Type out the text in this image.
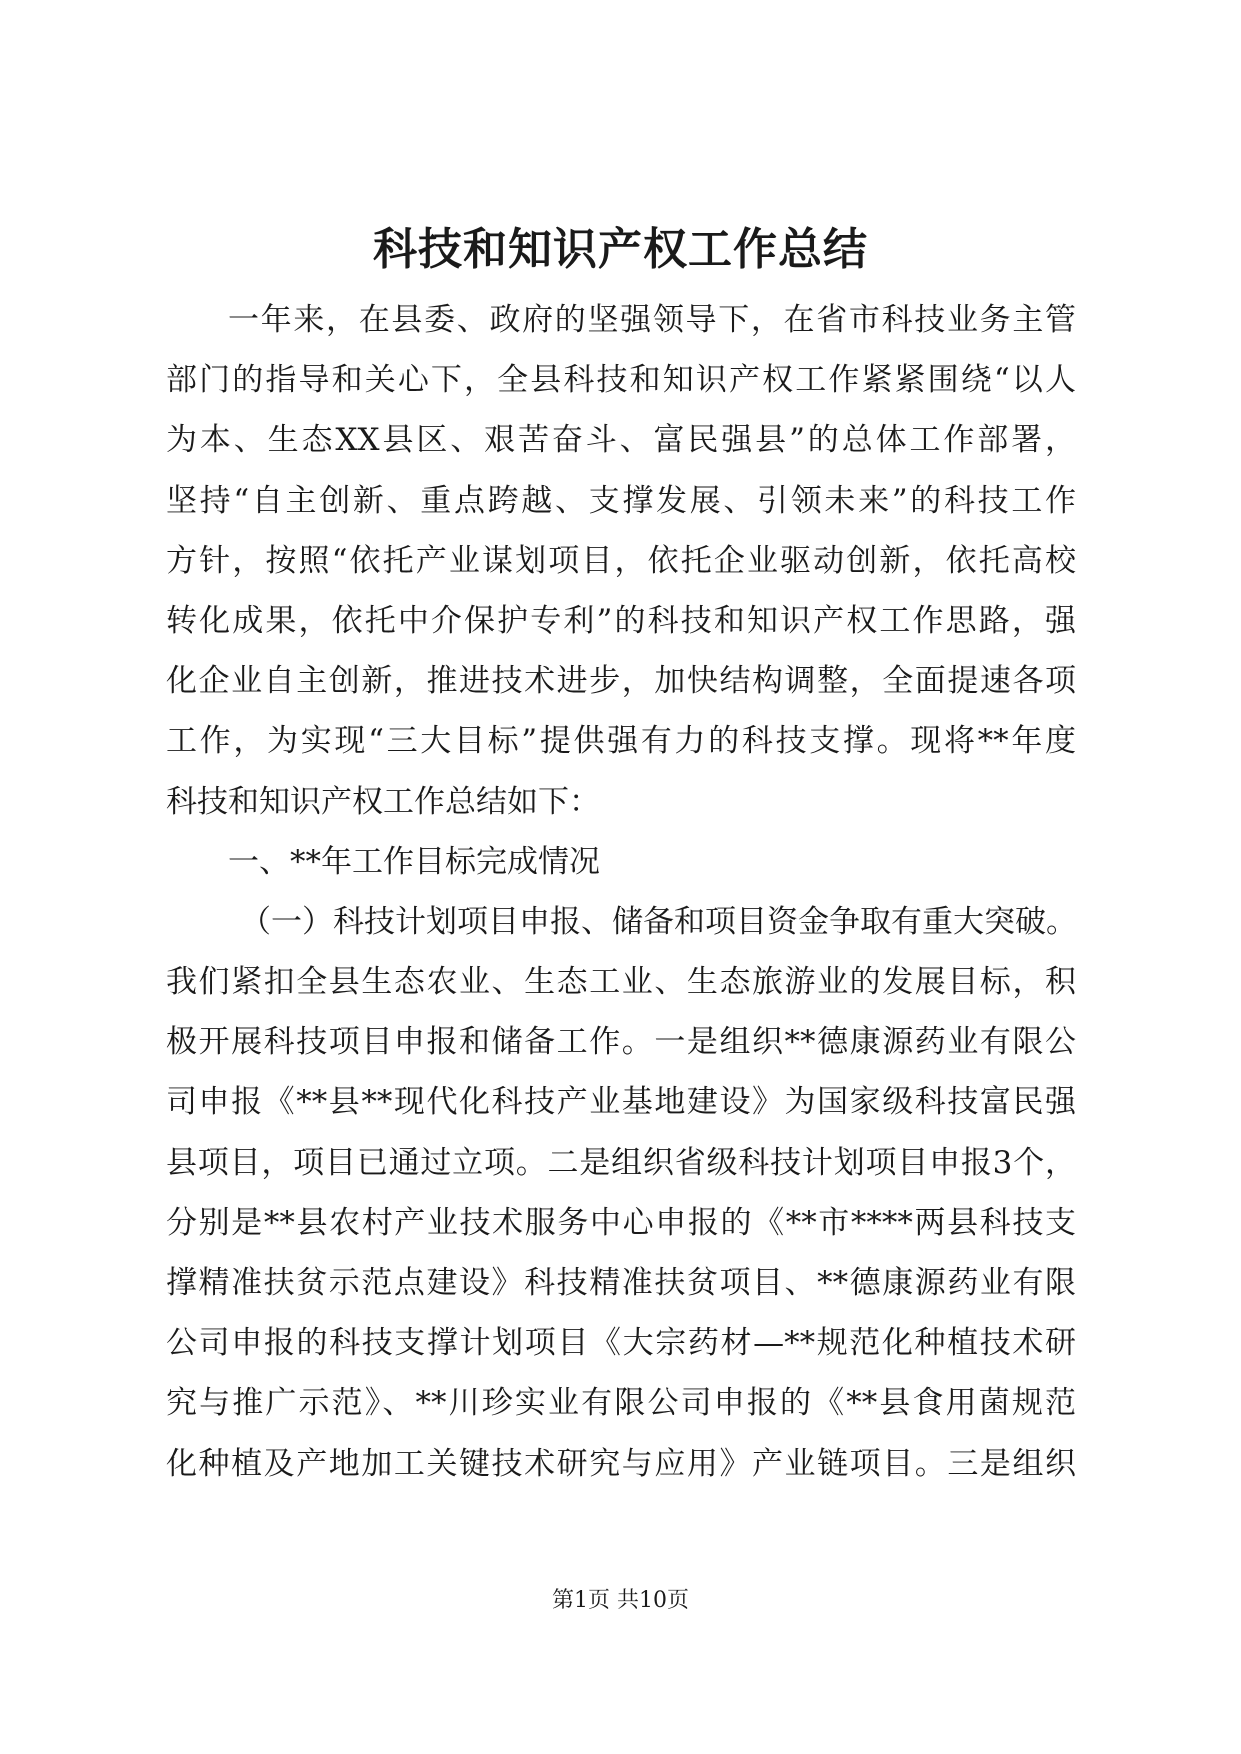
科技和知识产权工作总结
一年来，在县委、政府的坚强领导下，在省市科技业务主管
部门的指导和关心下，全县科技和知识产权工作紧紧围绕“以人
为本、生态XX县区、艰苦奋斗、富民强县”的总体工作部署，
坚持“自主创新、重点跨越、支撑发展、引领未来”的科技工作
方针，按照“依托产业谋划项目，依托企业驱动创新，依托高校
转化成果，依托中介保护专利”的科技和知识产权工作思路，强
化企业自主创新，推进技术进步，加快结构调整，全面提速各项
工作，为实现“三大目标”提供强有力的科技支撑。现将**年度
科技和知识产权工作总结如下：
一、**年工作目标完成情况
（一）科技计划项目申报、储备和项目资金争取有重大突破。
我们紧扣全县生态农业、生态工业、生态旅游业的发展目标，积
极开展科技项目申报和储备工作。一是组织**德康源药业有限公
司申报《**县**现代化科技产业基地建设》为国家级科技富民强
县项目，项目已通过立项。二是组织省级科技计划项目申报3个，
分别是**县农村产业技术服务中心申报的《**市****两县科技支
撑精准扶贫示范点建设》科技精准扶贫项目、**德康源药业有限
公司申报的科技支撑计划项目《大宗药材—**规范化种植技术研
究与推广示范》、**川珍实业有限公司申报的《**县食用菌规范
化种植及产地加工关键技术研究与应用》产业链项目。三是组织
第1页 共10页
